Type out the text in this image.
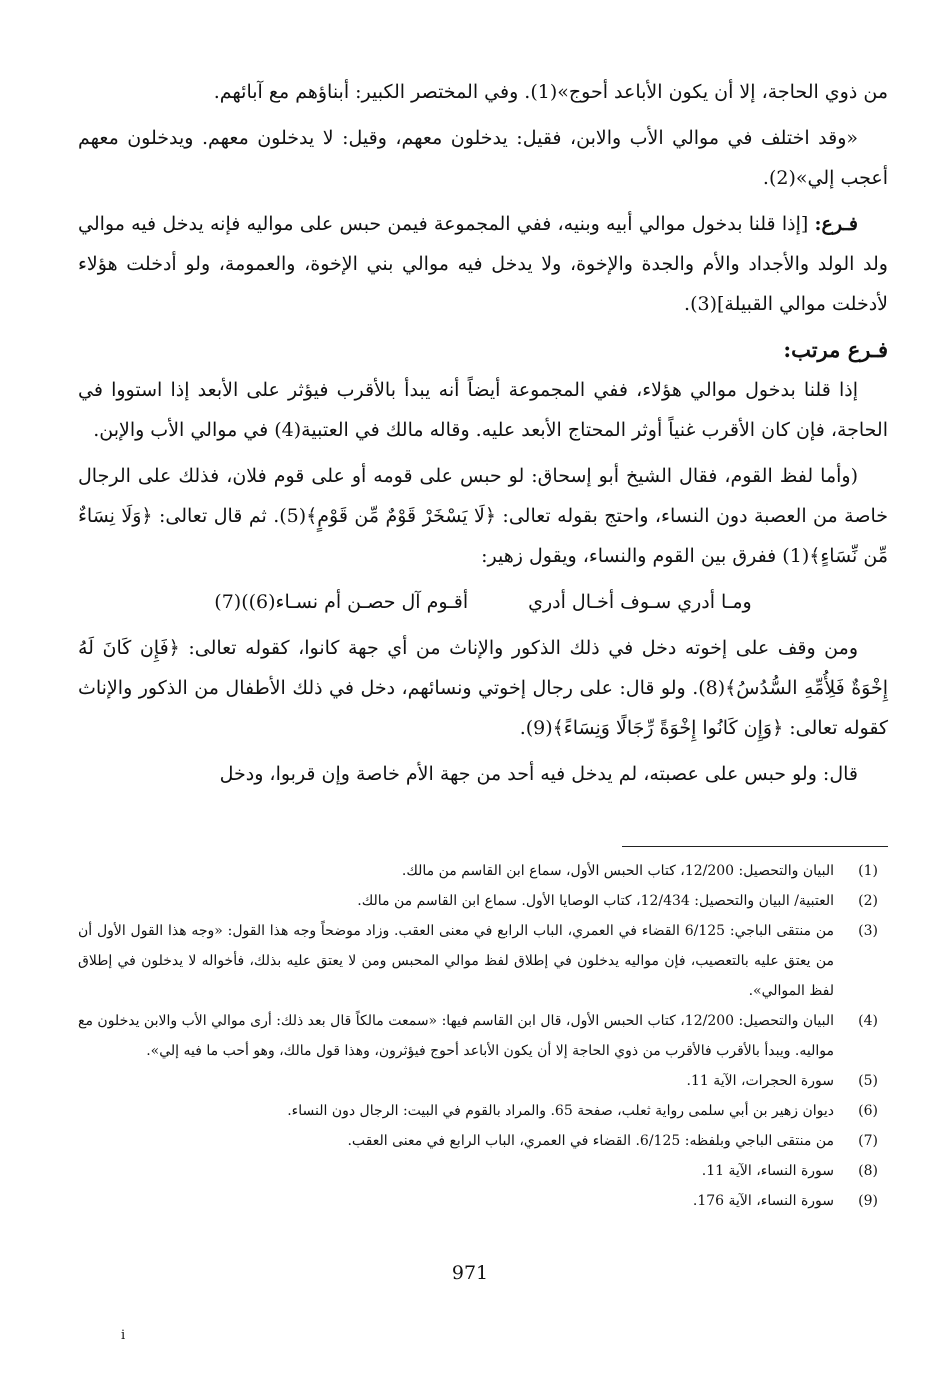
من ذوي الحاجة، إلا أن يكون الأباعد أحوج»(1). وفي المختصر الكبير: أبناؤهم مع آبائهم.

«وقد اختلف في موالي الأب والابن، فقيل: يدخلون معهم، وقيل: لا يدخلون معهم. ويدخلون معهم أعجب إلي»(2).

فـرع: [إذا قلنا بدخول موالي أبيه وبنيه، ففي المجموعة فيمن حبس على مواليه فإنه يدخل فيه موالي ولد الولد والأجداد والأم والجدة والإخوة، ولا يدخل فيه موالي بني الإخوة، والعمومة، ولو أدخلت هؤلاء لأدخلت موالي القبيلة](3).

فـرع مرتب:

إذا قلنا بدخول موالي هؤلاء، ففي المجموعة أيضاً أنه يبدأ بالأقرب فيؤثر على الأبعد إذا استووا في الحاجة، فإن كان الأقرب غنياً أوثر المحتاج الأبعد عليه. وقاله مالك في العتبية(4) في موالي الأب والإبن.

(وأما لفظ القوم، فقال الشيخ أبو إسحاق: لو حبس على قومه أو على قوم فلان، فذلك على الرجال خاصة من العصبة دون النساء، واحتج بقوله تعالى: ﴿لَا يَسْخَرْ قَوْمٌ مِّن قَوْمٍ﴾(5). ثم قال تعالى: ﴿وَلَا نِسَاءٌ مِّن نِّسَاءٍ﴾(1) ففرق بين القوم والنساء، ويقول زهير:

ومـا أدري سـوف أخـال أدري
أقـوم آل حصـن أم نسـاء(6))(7)

ومن وقف على إخوته دخل في ذلك الذكور والإناث من أي جهة كانوا، كقوله تعالى: ﴿فَإِن كَانَ لَهُ إِخْوَةٌ فَلِأُمِّهِ السُّدُسُ﴾(8). ولو قال: على رجال إخوتي ونسائهم، دخل في ذلك الأطفال من الذكور والإناث كقوله تعالى: ﴿وَإِن كَانُوا إِخْوَةً رِّجَالًا وَنِسَاءً﴾(9).

قال: ولو حبس على عصبته، لم يدخل فيه أحد من جهة الأم خاصة وإن قربوا، ودخل

(1)
البيان والتحصيل: 12/200، كتاب الحبس الأول، سماع ابن القاسم من مالك.
(2)
العتبية/ البيان والتحصيل: 12/434، كتاب الوصايا الأول. سماع ابن القاسم من مالك.
(3)
من منتقى الباجي: 6/125 القضاء في العمري، الباب الرابع في معنى العقب. وزاد موضحاً وجه هذا القول: «وجه هذا القول الأول أن من يعتق عليه بالتعصيب، فإن مواليه يدخلون في إطلاق لفظ موالي المحبس ومن لا يعتق عليه بذلك، فأخواله لا يدخلون في إطلاق لفظ الموالي».
(4)
البيان والتحصيل: 12/200، كتاب الحبس الأول، قال ابن القاسم فيها: «سمعت مالكاً قال بعد ذلك: أرى موالي الأب والابن يدخلون مع مواليه. ويبدأ بالأقرب فالأقرب من ذوي الحاجة إلا أن يكون الأباعد أحوج فيؤثرون، وهذا قول مالك، وهو أحب ما فيه إلي».
(5)
سورة الحجرات، الآية 11.
(6)
ديوان زهير بن أبي سلمى رواية ثعلب، صفحة 65. والمراد بالقوم في البيت: الرجال دون النساء.
(7)
من منتقى الباجي وبلفظه: 6/125. القضاء في العمري، الباب الرابع في معنى العقب.
(8)
سورة النساء، الآية 11.
(9)
سورة النساء، الآية 176.
971
i
